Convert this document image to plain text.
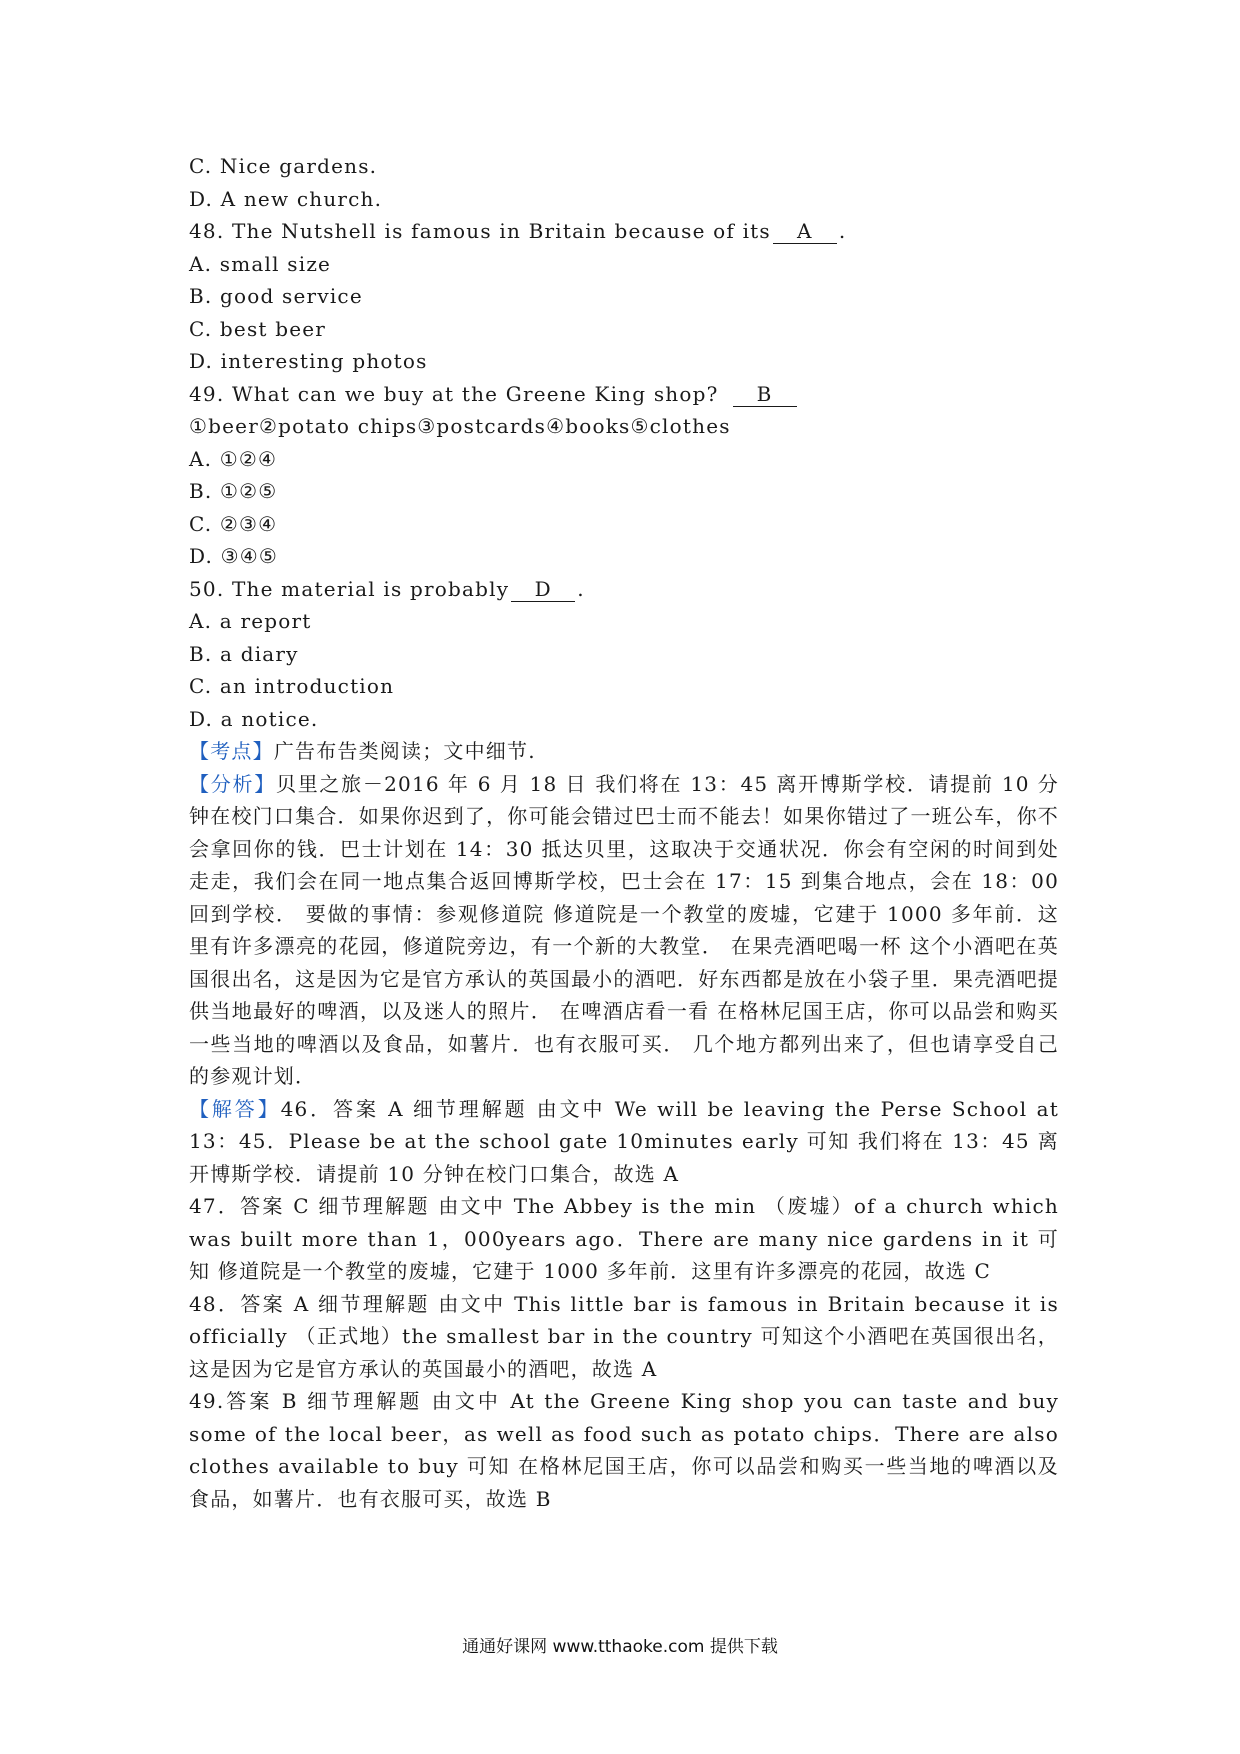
C. Nice gardens.
D. A new church.
48. The Nutshell is famous in Britain because of its A .
A. small size
B. good service
C. best beer
D. interesting photos
49. What can we buy at the Greene King shop? B
①beer②potato chips③postcards④books⑤clothes
A. ①②④
B. ①②⑤
C. ②③④
D. ③④⑤
50. The material is probably D .
A. a report
B. a diary
C. an introduction
D. a notice.
【考点】广告布告类阅读；文中细节.
【分析】贝里之旅－2016 年 6 月 18 日 我们将在 13：45 离开博斯学校．请提前 10 分钟在校门口集合．如果你迟到了，你可能会错过巴士而不能去！如果你错过了一班公车，你不会拿回你的钱．巴士计划在 14：30 抵达贝里，这取决于交通状况．你会有空闲的时间到处走走，我们会在同一地点集合返回博斯学校，巴士会在 17：15 到集合地点，会在 18：00 回到学校． 要做的事情：参观修道院 修道院是一个教堂的废墟，它建于 1000 多年前．这里有许多漂亮的花园，修道院旁边，有一个新的大教堂． 在果壳酒吧喝一杯 这个小酒吧在英国很出名，这是因为它是官方承认的英国最小的酒吧．好东西都是放在小袋子里．果壳酒吧提供当地最好的啤酒，以及迷人的照片． 在啤酒店看一看 在格林尼国王店，你可以品尝和购买一些当地的啤酒以及食品，如薯片．也有衣服可买． 几个地方都列出来了，但也请享受自己的参观计划．
【解答】46．答案 A 细节理解题 由文中 We will be leaving the Perse School at 13：45．Please be at the school gate 10minutes early 可知 我们将在 13：45 离开博斯学校．请提前 10 分钟在校门口集合，故选 A
47．答案 C 细节理解题 由文中 The Abbey is the min （废墟）of a church which was built more than 1，000years ago．There are many nice gardens in it 可知 修道院是一个教堂的废墟，它建于 1000 多年前．这里有许多漂亮的花园，故选 C
48．答案 A 细节理解题 由文中 This little bar is famous in Britain because it is officially （正式地）the smallest bar in the country 可知这个小酒吧在英国很出名，这是因为它是官方承认的英国最小的酒吧，故选 A
49.答案 B 细节理解题 由文中 At the Greene King shop you can taste and buy some of the local beer，as well as food such as potato chips．There are also clothes available to buy 可知 在格林尼国王店，你可以品尝和购买一些当地的啤酒以及食品，如薯片．也有衣服可买，故选 B
通通好课网 www.tthaoke.com 提供下载
